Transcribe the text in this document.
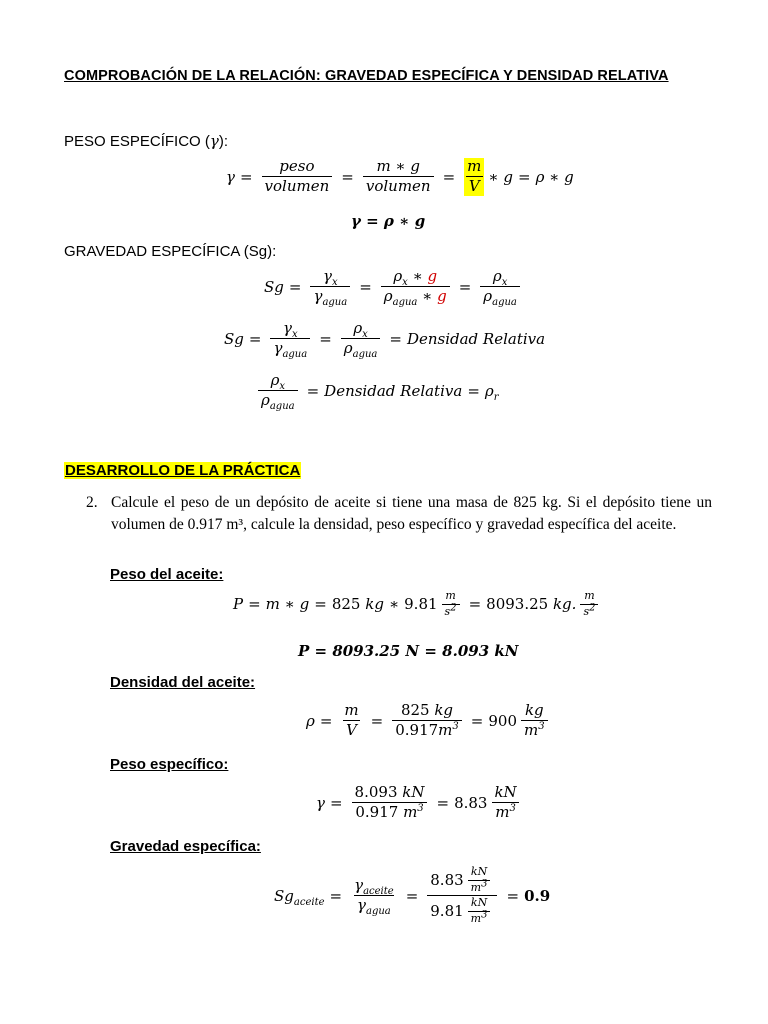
COMPROBACIÓN DE LA RELACIÓN: GRAVEDAD ESPECÍFICA Y DENSIDAD RELATIVA
PESO ESPECÍFICO (γ):
$\gamma = \frac{\text{peso}}{\text{volumen}} = \frac{m ∗ g}{\text{volumen}} = \frac{m}{V}$ ∗ g = ρ ∗ g
γ = ρ ∗ g
GRAVEDAD ESPECÍFICA (Sg):
$Sg = \frac{\gamma_x}{\gamma_{agua}} = \frac{\rho_x ∗ g}{\rho_{agua} ∗ g} = \frac{\rho_x}{\rho_{agua}}$
$Sg = \frac{\gamma_x}{\gamma_{agua}} = \frac{\rho_x}{\rho_{agua}}$ = Densidad Relativa
$\frac{\rho_x}{\rho_{agua}}$ = Densidad Relativa = $\rho_r$
DESARROLLO DE LA PRÁCTICA
2. Calcule el peso de un depósito de aceite si tiene una masa de 825 kg. Si el depósito tiene un volumen de 0.917 m³, calcule la densidad, peso específico y gravedad específica del aceite.
Peso del aceite:
P = m ∗ g = 825
kg ∗ $9.81 \frac{m}{s^2} = 8093.25$
kg. $\frac{m}{s^2}$
P =
8093.25
N =
8.093
kN
Densidad del aceite:
$\rho = \frac{m}{V} = \frac{825 kg}{0.917m^3} = 900 \frac{kg}{m^3}$
Peso específico:
$\gamma = \frac{8.093 kN}{0.917 m^3} = 8.83 \frac{kN}{m^3}$
Gravedad específica:
$Sg_{aceite} = \frac{\gamma_{aceite}}{\gamma_{agua}} = \frac{8.83 \frac{kN}{m^3}}{9.81 \frac{kN}{m^3}} = 0.9$
